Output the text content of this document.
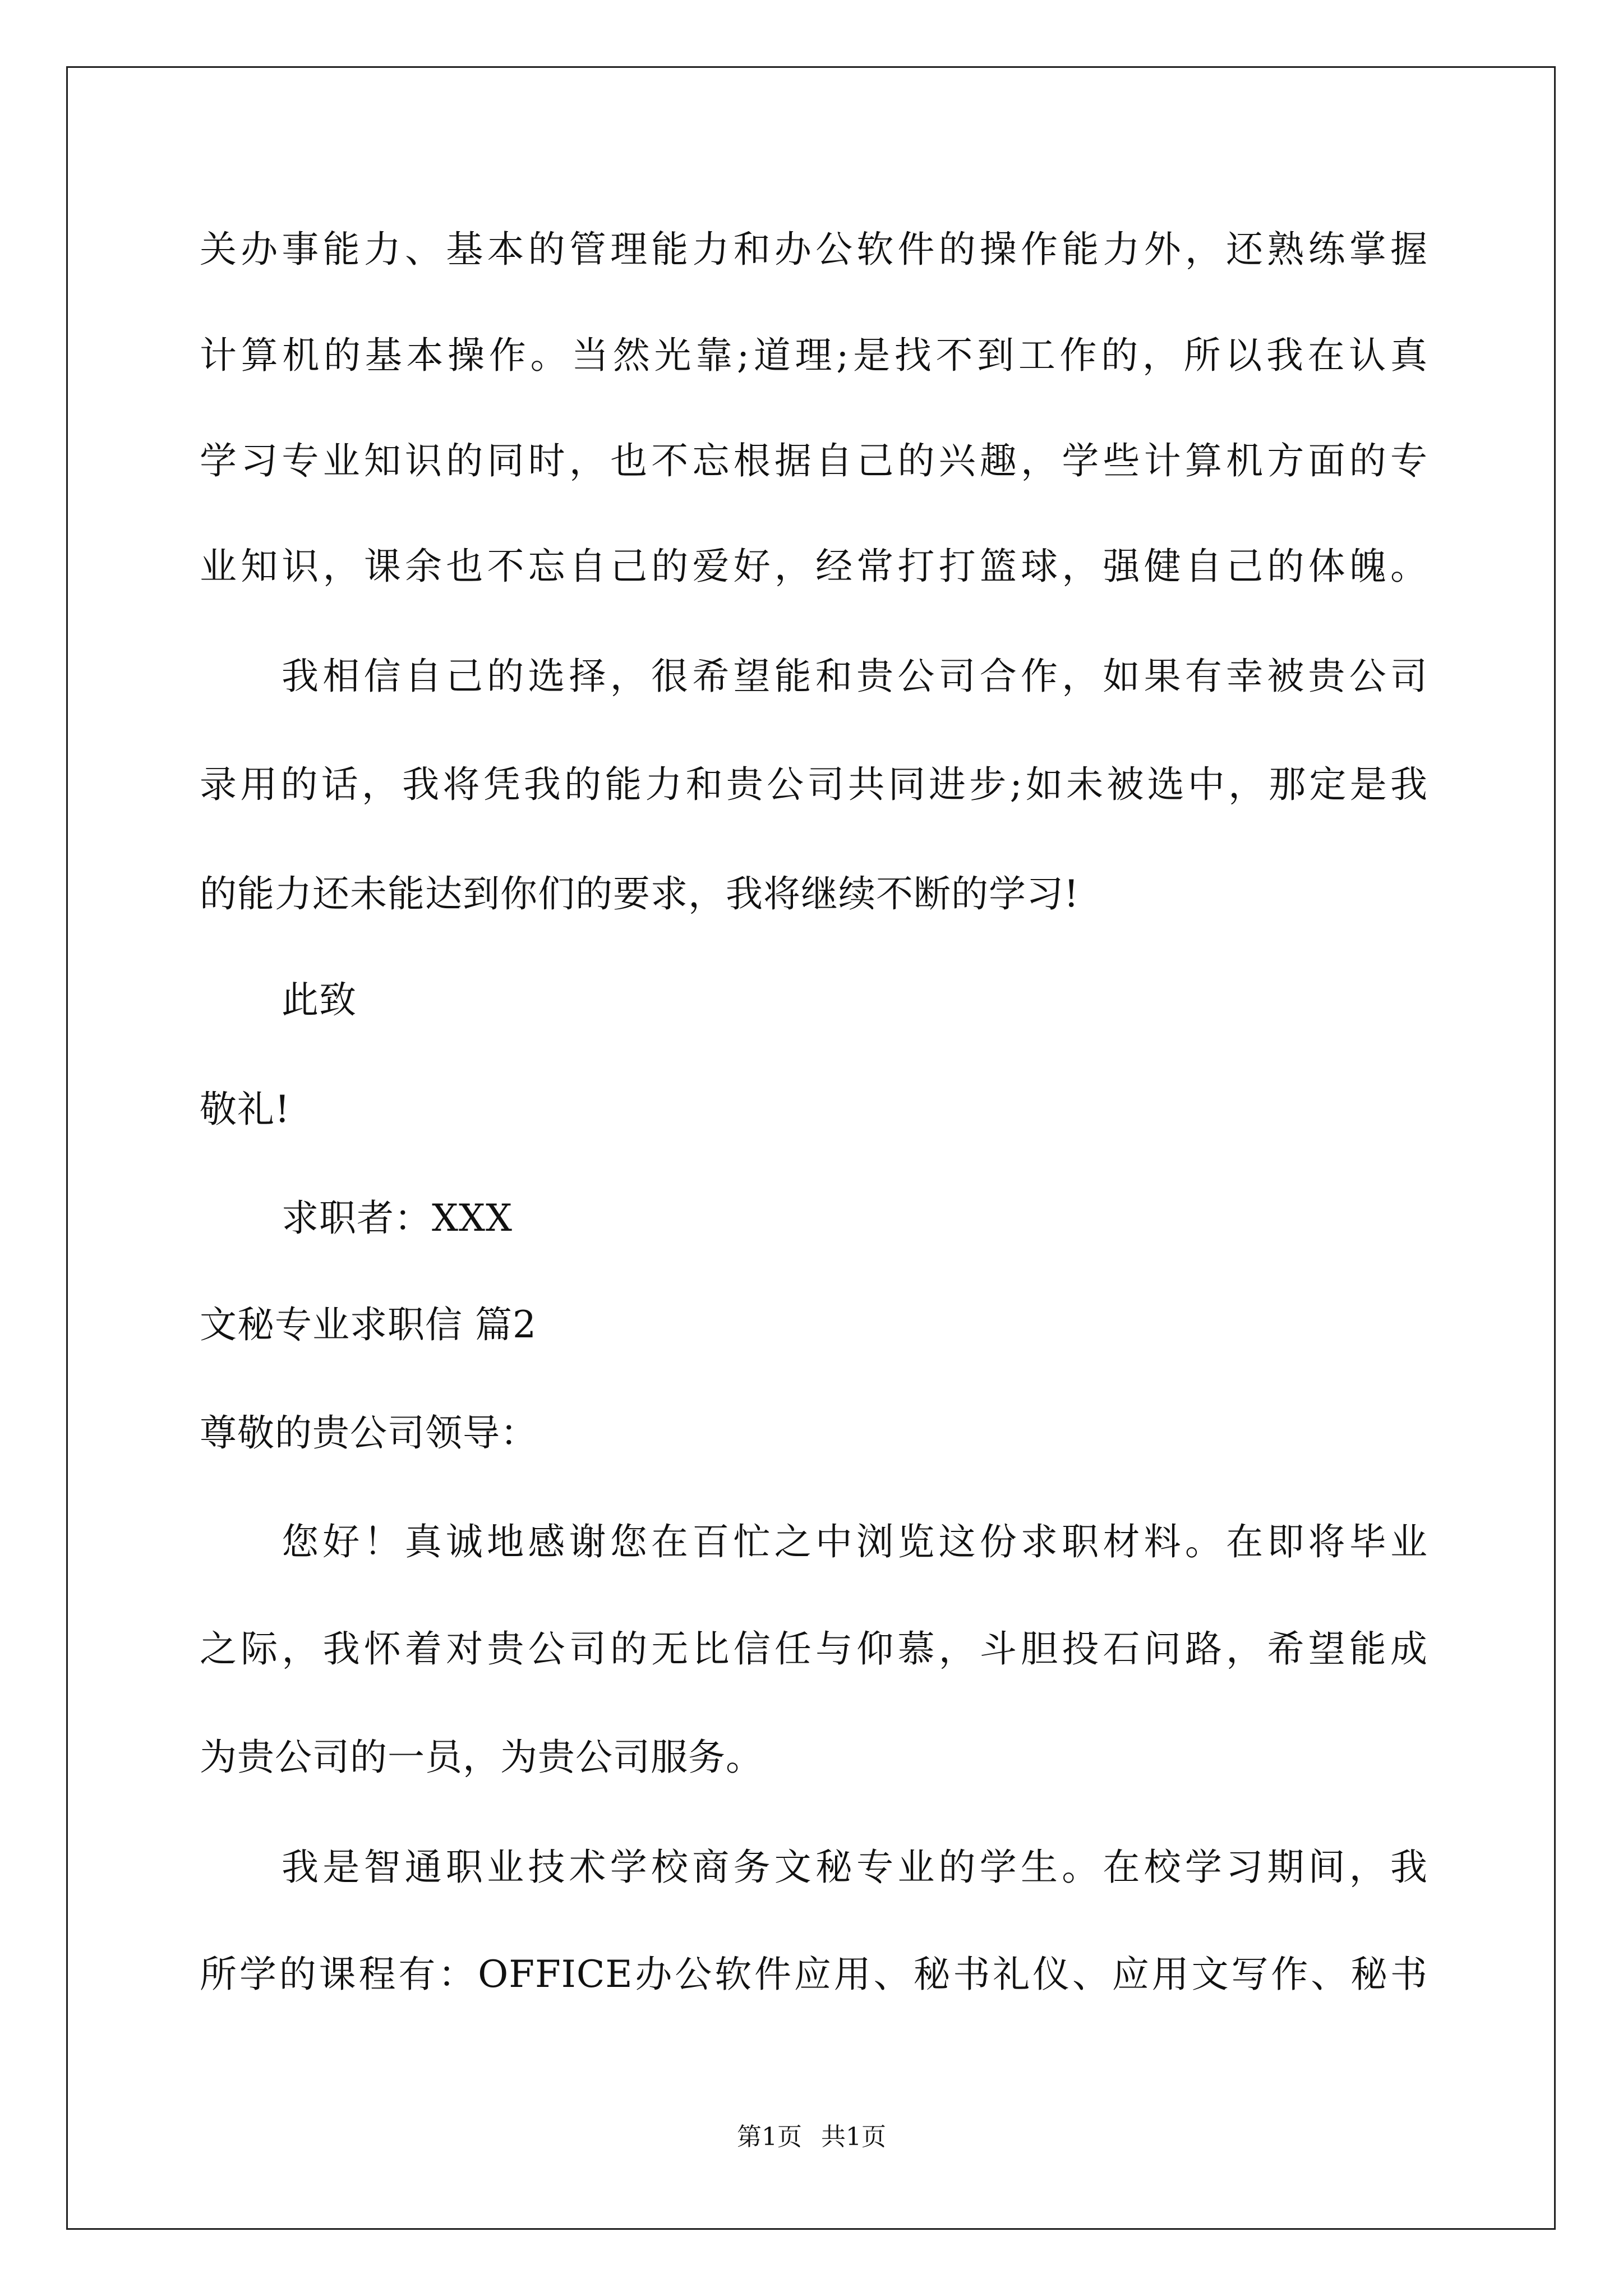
关办事能力、基本的管理能力和办公软件的操作能力外，还熟练掌握
计算机的基本操作。当然光靠;道理;是找不到工作的，所以我在认真
学习专业知识的同时，也不忘根据自己的兴趣，学些计算机方面的专
业知识，课余也不忘自己的爱好，经常打打篮球，强健自己的体魄。
我相信自己的选择，很希望能和贵公司合作，如果有幸被贵公司
录用的话，我将凭我的能力和贵公司共同进步;如未被选中，那定是我
的能力还未能达到你们的要求，我将继续不断的学习!
此致
敬礼!
求职者：XXX
文秘专业求职信 篇2
尊敬的贵公司领导：
您好！真诚地感谢您在百忙之中浏览这份求职材料。在即将毕业
之际，我怀着对贵公司的无比信任与仰慕，斗胆投石问路，希望能成
为贵公司的一员，为贵公司服务。
我是智通职业技术学校商务文秘专业的学生。在校学习期间，我
所学的课程有：OFFICE办公软件应用、秘书礼仪、应用文写作、秘书
第1页 共1页
